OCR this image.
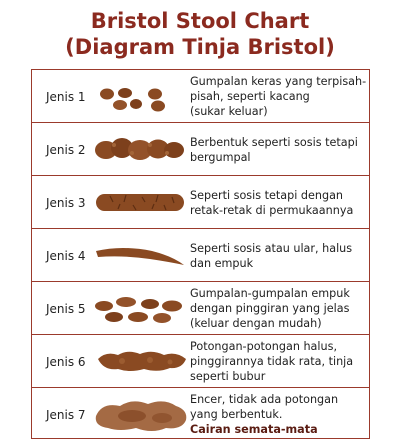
Bristol Stool Chart
(Diagram Tinja Bristol)
Jenis 1
Gumpalan keras yang terpisah-
pisah, seperti kacang
(sukar keluar)
Jenis 2
Berbentuk seperti sosis tetapi
bergumpal
Jenis 3
Seperti sosis tetapi dengan
retak-retak di permukaannya
Jenis 4
Seperti sosis atau ular, halus
dan empuk
Jenis 5
Gumpalan-gumpalan empuk
dengan pinggiran yang jelas
(keluar dengan mudah)
Jenis 6
Potongan-potongan halus,
pinggirannya tidak rata, tinja
seperti bubur
Jenis 7
Encer, tidak ada potongan
yang berbentuk.
Cairan semata-mata
